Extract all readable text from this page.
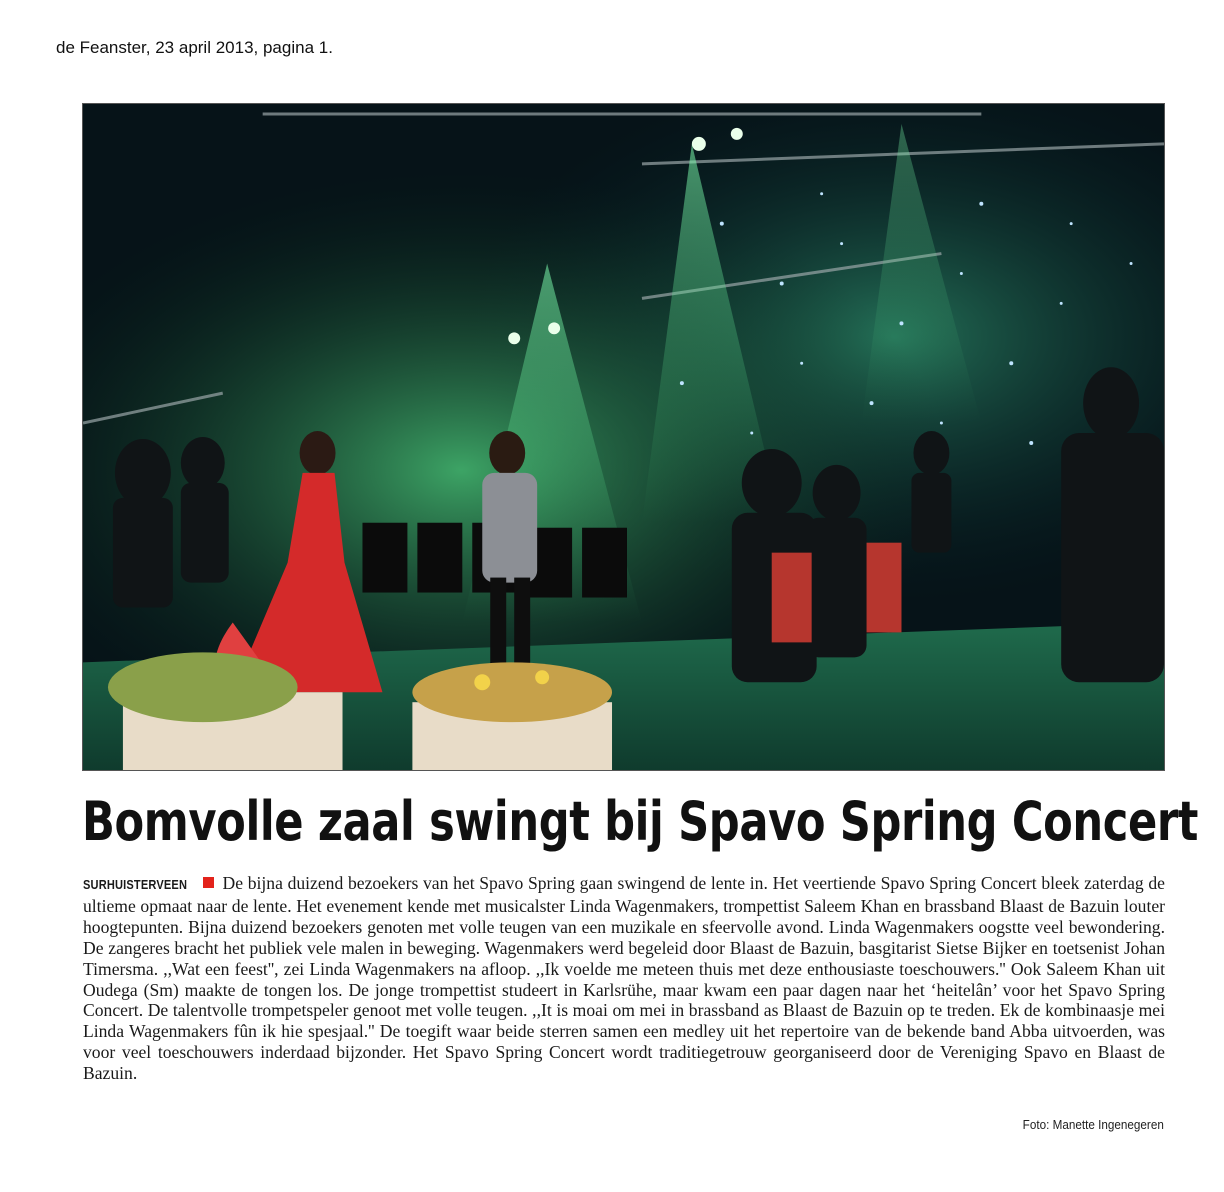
de Feanster, 23 april 2013, pagina 1.
Bomvolle zaal swingt bij Spavo Spring Concert

SURHUISTERVEEN De bijna duizend bezoekers van het Spavo Spring gaan swingend de lente in. Het veertiende Spavo Spring Concert bleek zaterdag de ultieme opmaat naar de lente. Het evenement kende met musicalster Linda Wagenmakers, trompettist Saleem Khan en brassband Blaast de Bazuin louter hoogtepunten. Bijna duizend bezoekers genoten met volle teugen van een muzikale en sfeervolle avond. Linda Wagenmakers oogstte veel bewondering. De zangeres bracht het publiek vele malen in beweging. Wagenmakers werd begeleid door Blaast de Bazuin, basgitarist Sietse Bijker en toetsenist Johan Timersma. ,,Wat een feest'', zei Linda Wagenmakers na afloop. ,,Ik voelde me meteen thuis met deze enthousiaste toeschouwers.'' Ook Saleem Khan uit Oudega (Sm) maakte de tongen los. De jonge trompettist studeert in Karlsrühe, maar kwam een paar dagen naar het ‘heitelân’ voor het Spavo Spring Concert. De talentvolle trompetspeler genoot met volle teugen. ,,It is moai om mei in brassband as Blaast de Bazuin op te treden. Ek de kombinaasje mei Linda Wagenmakers fûn ik hie spesjaal.'' De toegift waar beide sterren samen een medley uit het repertoire van de bekende band Abba uitvoerden, was voor veel toeschouwers inderdaad bijzonder. Het Spavo Spring Concert wordt traditiegetrouw georganiseerd door de Vereniging Spavo en Blaast de Bazuin.

Foto: Manette Ingenegeren
